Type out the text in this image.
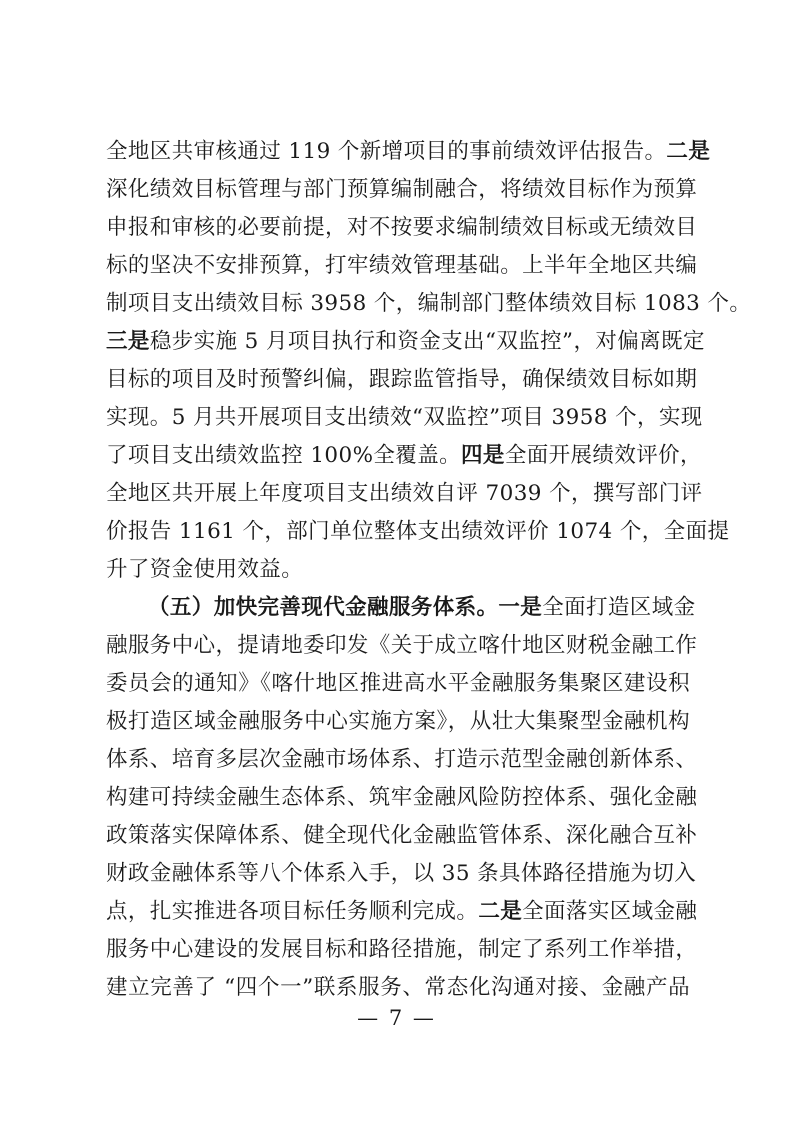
全地区共审核通过 119 个新增项目的事前绩效评估报告。二是
深化绩效目标管理与部门预算编制融合，将绩效目标作为预算
申报和审核的必要前提，对不按要求编制绩效目标或无绩效目
标的坚决不安排预算，打牢绩效管理基础。上半年全地区共编
制项目支出绩效目标 3958 个，编制部门整体绩效目标 1083 个。
三是稳步实施 5 月项目执行和资金支出“双监控”，对偏离既定
目标的项目及时预警纠偏，跟踪监管指导，确保绩效目标如期
实现。5 月共开展项目支出绩效“双监控”项目 3958 个，实现
了项目支出绩效监控 100%全覆盖。四是全面开展绩效评价，
全地区共开展上年度项目支出绩效自评 7039 个，撰写部门评
价报告 1161 个，部门单位整体支出绩效评价 1074 个，全面提
升了资金使用效益。
（五）加快完善现代金融服务体系。一是全面打造区域金
融服务中心，提请地委印发《关于成立喀什地区财税金融工作
委员会的通知》《喀什地区推进高水平金融服务集聚区建设积
极打造区域金融服务中心实施方案》，从壮大集聚型金融机构
体系、培育多层次金融市场体系、打造示范型金融创新体系、
构建可持续金融生态体系、筑牢金融风险防控体系、强化金融
政策落实保障体系、健全现代化金融监管体系、深化融合互补
财政金融体系等八个体系入手，以 35 条具体路径措施为切入
点，扎实推进各项目标任务顺利完成。二是全面落实区域金融
服务中心建设的发展目标和路径措施，制定了系列工作举措，
建立完善了 “四个一”联系服务、常态化沟通对接、金融产品
— 7 —
